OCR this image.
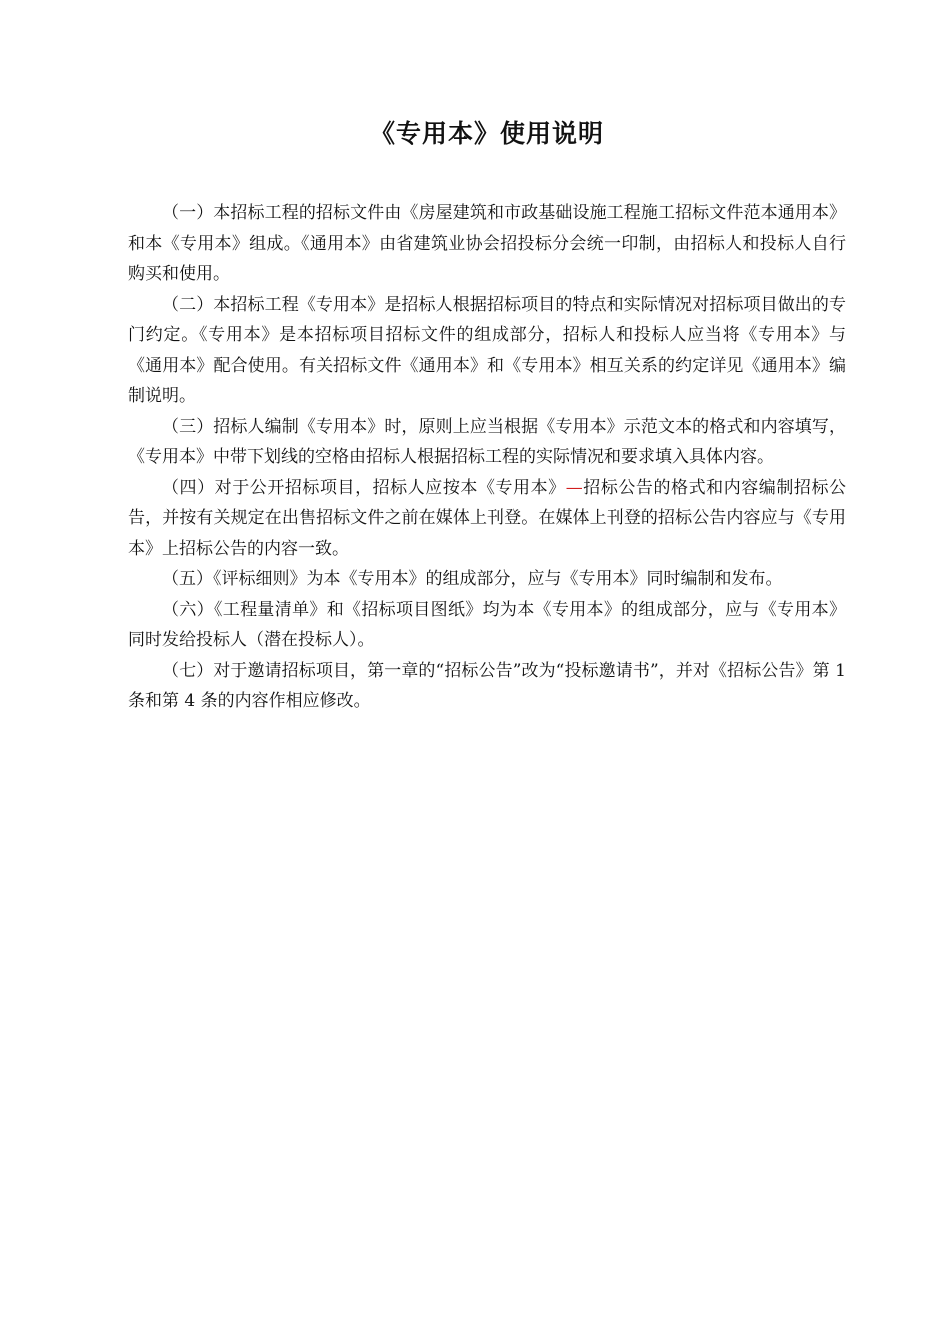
《专用本》使用说明

（一）本招标工程的招标文件由《房屋建筑和市政基础设施工程施工招标文件范本通用本》和本《专用本》组成。《通用本》由省建筑业协会招投标分会统一印制，由招标人和投标人自行购买和使用。

（二）本招标工程《专用本》是招标人根据招标项目的特点和实际情况对招标项目做出的专门约定。《专用本》是本招标项目招标文件的组成部分，招标人和投标人应当将《专用本》与《通用本》配合使用。有关招标文件《通用本》和《专用本》相互关系的约定详见《通用本》编制说明。

（三）招标人编制《专用本》时，原则上应当根据《专用本》示范文本的格式和内容填写，《专用本》中带下划线的空格由招标人根据招标工程的实际情况和要求填入具体内容。

（四）对于公开招标项目，招标人应按本《专用本》—招标公告的格式和内容编制招标公告，并按有关规定在出售招标文件之前在媒体上刊登。在媒体上刊登的招标公告内容应与《专用本》上招标公告的内容一致。

（五）《评标细则》为本《专用本》的组成部分，应与《专用本》同时编制和发布。

（六）《工程量清单》和《招标项目图纸》均为本《专用本》的组成部分，应与《专用本》同时发给投标人（潜在投标人）。

（七）对于邀请招标项目，第一章的“招标公告”改为“投标邀请书”，并对《招标公告》第 1 条和第 4 条的内容作相应修改。
